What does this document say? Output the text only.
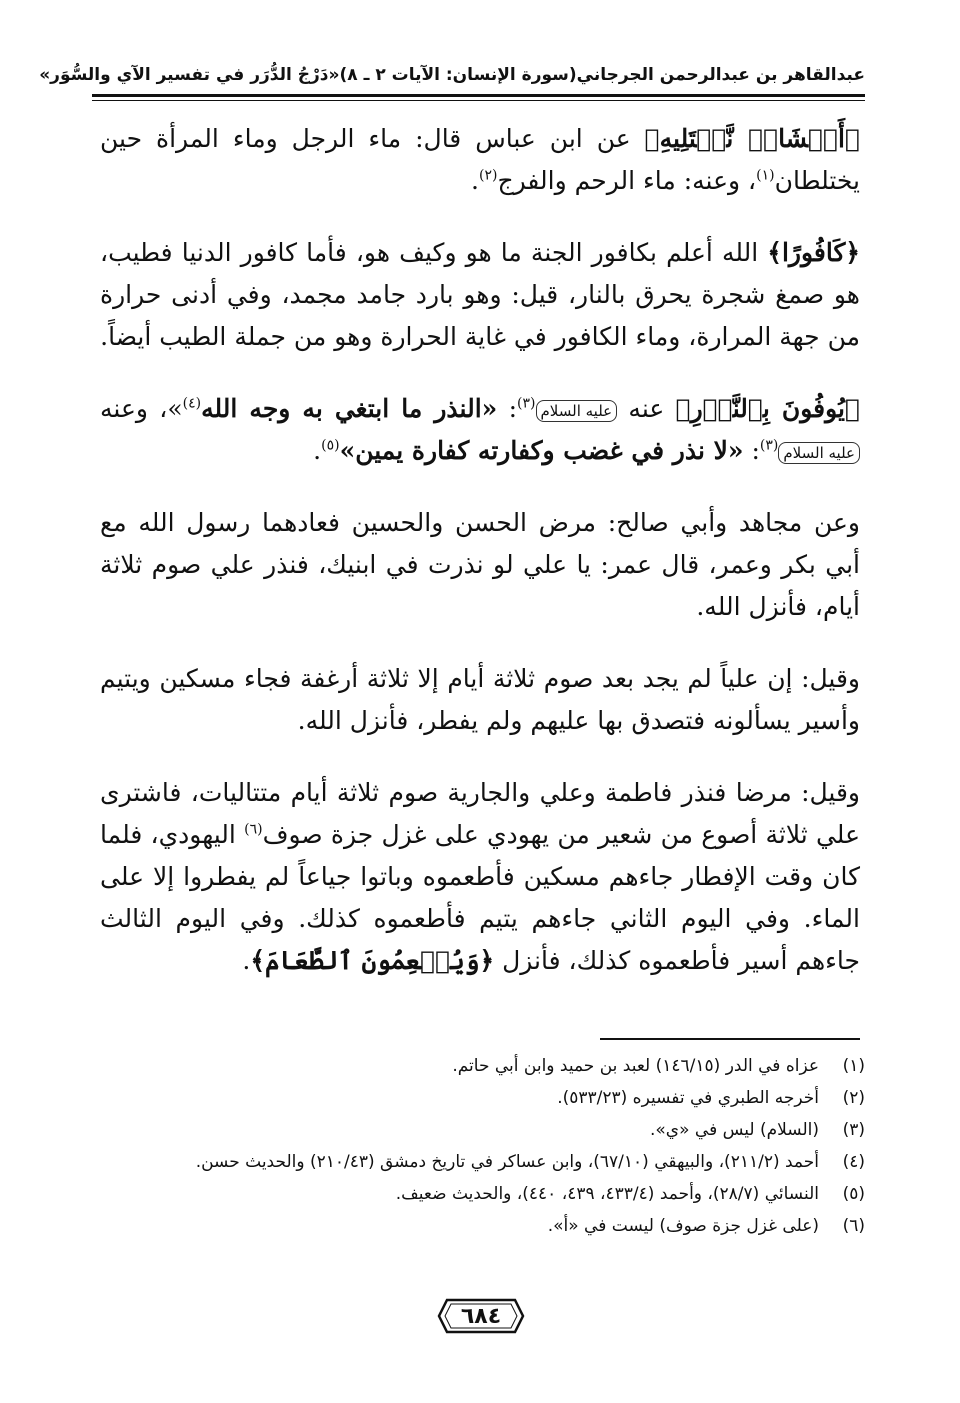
عبدالقاهر بن عبدالرحمن الجرجاني
(سورة الإنسان: الآيات ٢ ـ ٨)
«دَرْجُ الدُّرَر في تفسير الآي والسُّوَر»

﴿أَمۡشَاجٖ نَّبۡتَلِيهِ﴾ عن ابن عباس قال: ماء الرجل وماء المرأة حين يختلطان$^{(١)}$، وعنه: ماء الرحم والفرج$^{(٢)}$.

﴿كَافُورًا﴾ الله أعلم بكافور الجنة ما هو وكيف هو، فأما كافور الدنيا فطيب، هو صمغ شجرة يحرق بالنار، قيل: وهو بارد جامد مجمد، وفي أدنى حرارة من جهة المرارة، وماء الكافور في غاية الحرارة وهو من جملة الطيب أيضاً.

﴿يُوفُونَ بِٱلنَّذۡرِ﴾ عنه عليه السلام$^{(٣)}$: «النذر ما ابتغي به وجه الله$^{(٤)}$»، وعنه عليه السلام$^{(٣)}$: «لا نذر في غضب وكفارته كفارة يمين»$^{(٥)}$.

وعن مجاهد وأبي صالح: مرض الحسن والحسين فعادهما رسول الله مع أبي بكر وعمر، قال عمر: يا علي لو نذرت في ابنيك، فنذر علي صوم ثلاثة أيام، فأنزل الله.

وقيل: إن علياً لم يجد بعد صوم ثلاثة أيام إلا ثلاثة أرغفة فجاء مسكين ويتيم وأسير يسألونه فتصدق بها عليهم ولم يفطر، فأنزل الله.

وقيل: مرضا فنذر فاطمة وعلي والجارية صوم ثلاثة أيام متتاليات، فاشترى علي ثلاثة أصوع من شعير من يهودي على غزل جزة صوف$^{(٦)}$ اليهودي، فلما كان وقت الإفطار جاءهم مسكين فأطعموه وباتوا جياعاً لم يفطروا إلا على الماء. وفي اليوم الثاني جاءهم يتيم فأطعموه كذلك. وفي اليوم الثالث جاءهم أسير فأطعموه كذلك، فأنزل ﴿وَيُطۡعِمُونَ ٱلطَّعَامَ﴾.

(١)
عزاه في الدر (١٤٦/١٥) لعبد بن حميد وابن أبي حاتم.
(٢)
أخرجه الطبري في تفسيره (٥٣٣/٢٣).
(٣)
(السلام) ليس في «ي».
(٤)
أحمد (٢١١/٢)، والبيهقي (٦٧/١٠)، وابن عساكر في تاريخ دمشق (٢١٠/٤٣) والحديث حسن.
(٥)
النسائي (٢٨/٧)، وأحمد (٤٣٣/٤، ٤٣٩، ٤٤٠)، والحديث ضعيف.
(٦)
(على غزل جزة صوف) ليست في «أ».
٦٨٤
